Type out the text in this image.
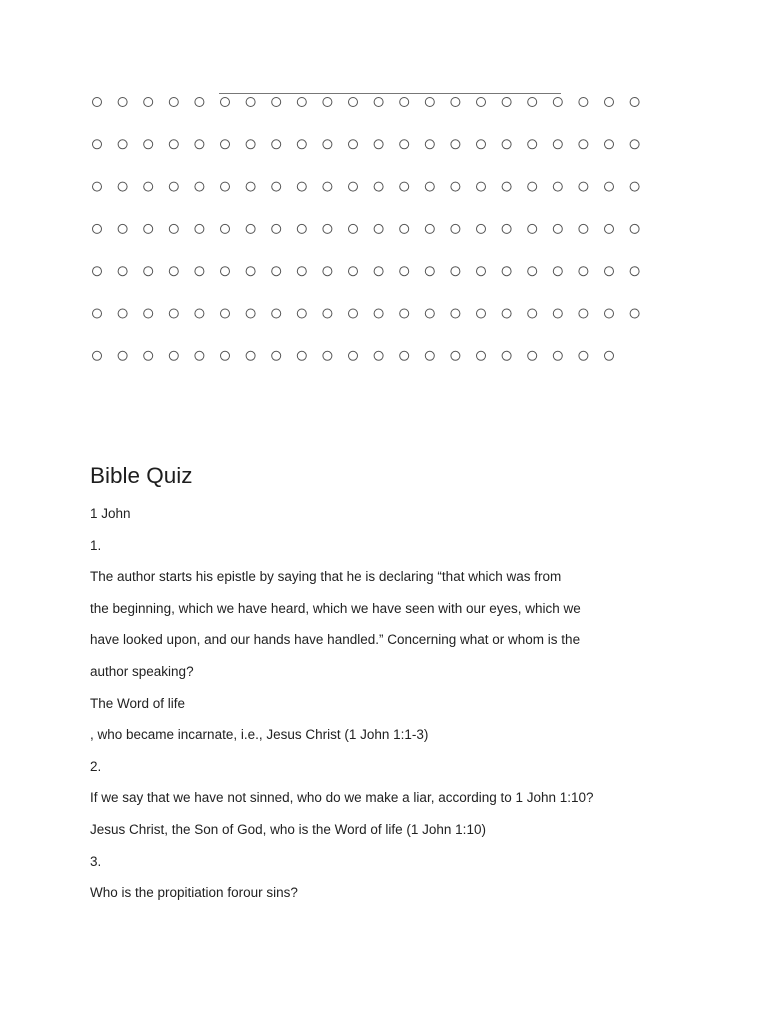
Bible Quiz
1 John
1.
The author starts his epistle by saying that he is declaring “that which was from
the beginning, which we have heard, which we have seen with our eyes, which we
have looked upon, and our hands have handled.” Concerning what or whom is the
author speaking?
The Word of life
, who became incarnate, i.e., Jesus Christ (1 John 1:1-3)
2.
If we say that we have not sinned, who do we make a liar, according to 1 John 1:10?
Jesus Christ, the Son of God, who is the Word of life (1 John 1:10)
3.
Who is the propitiation forour sins?
